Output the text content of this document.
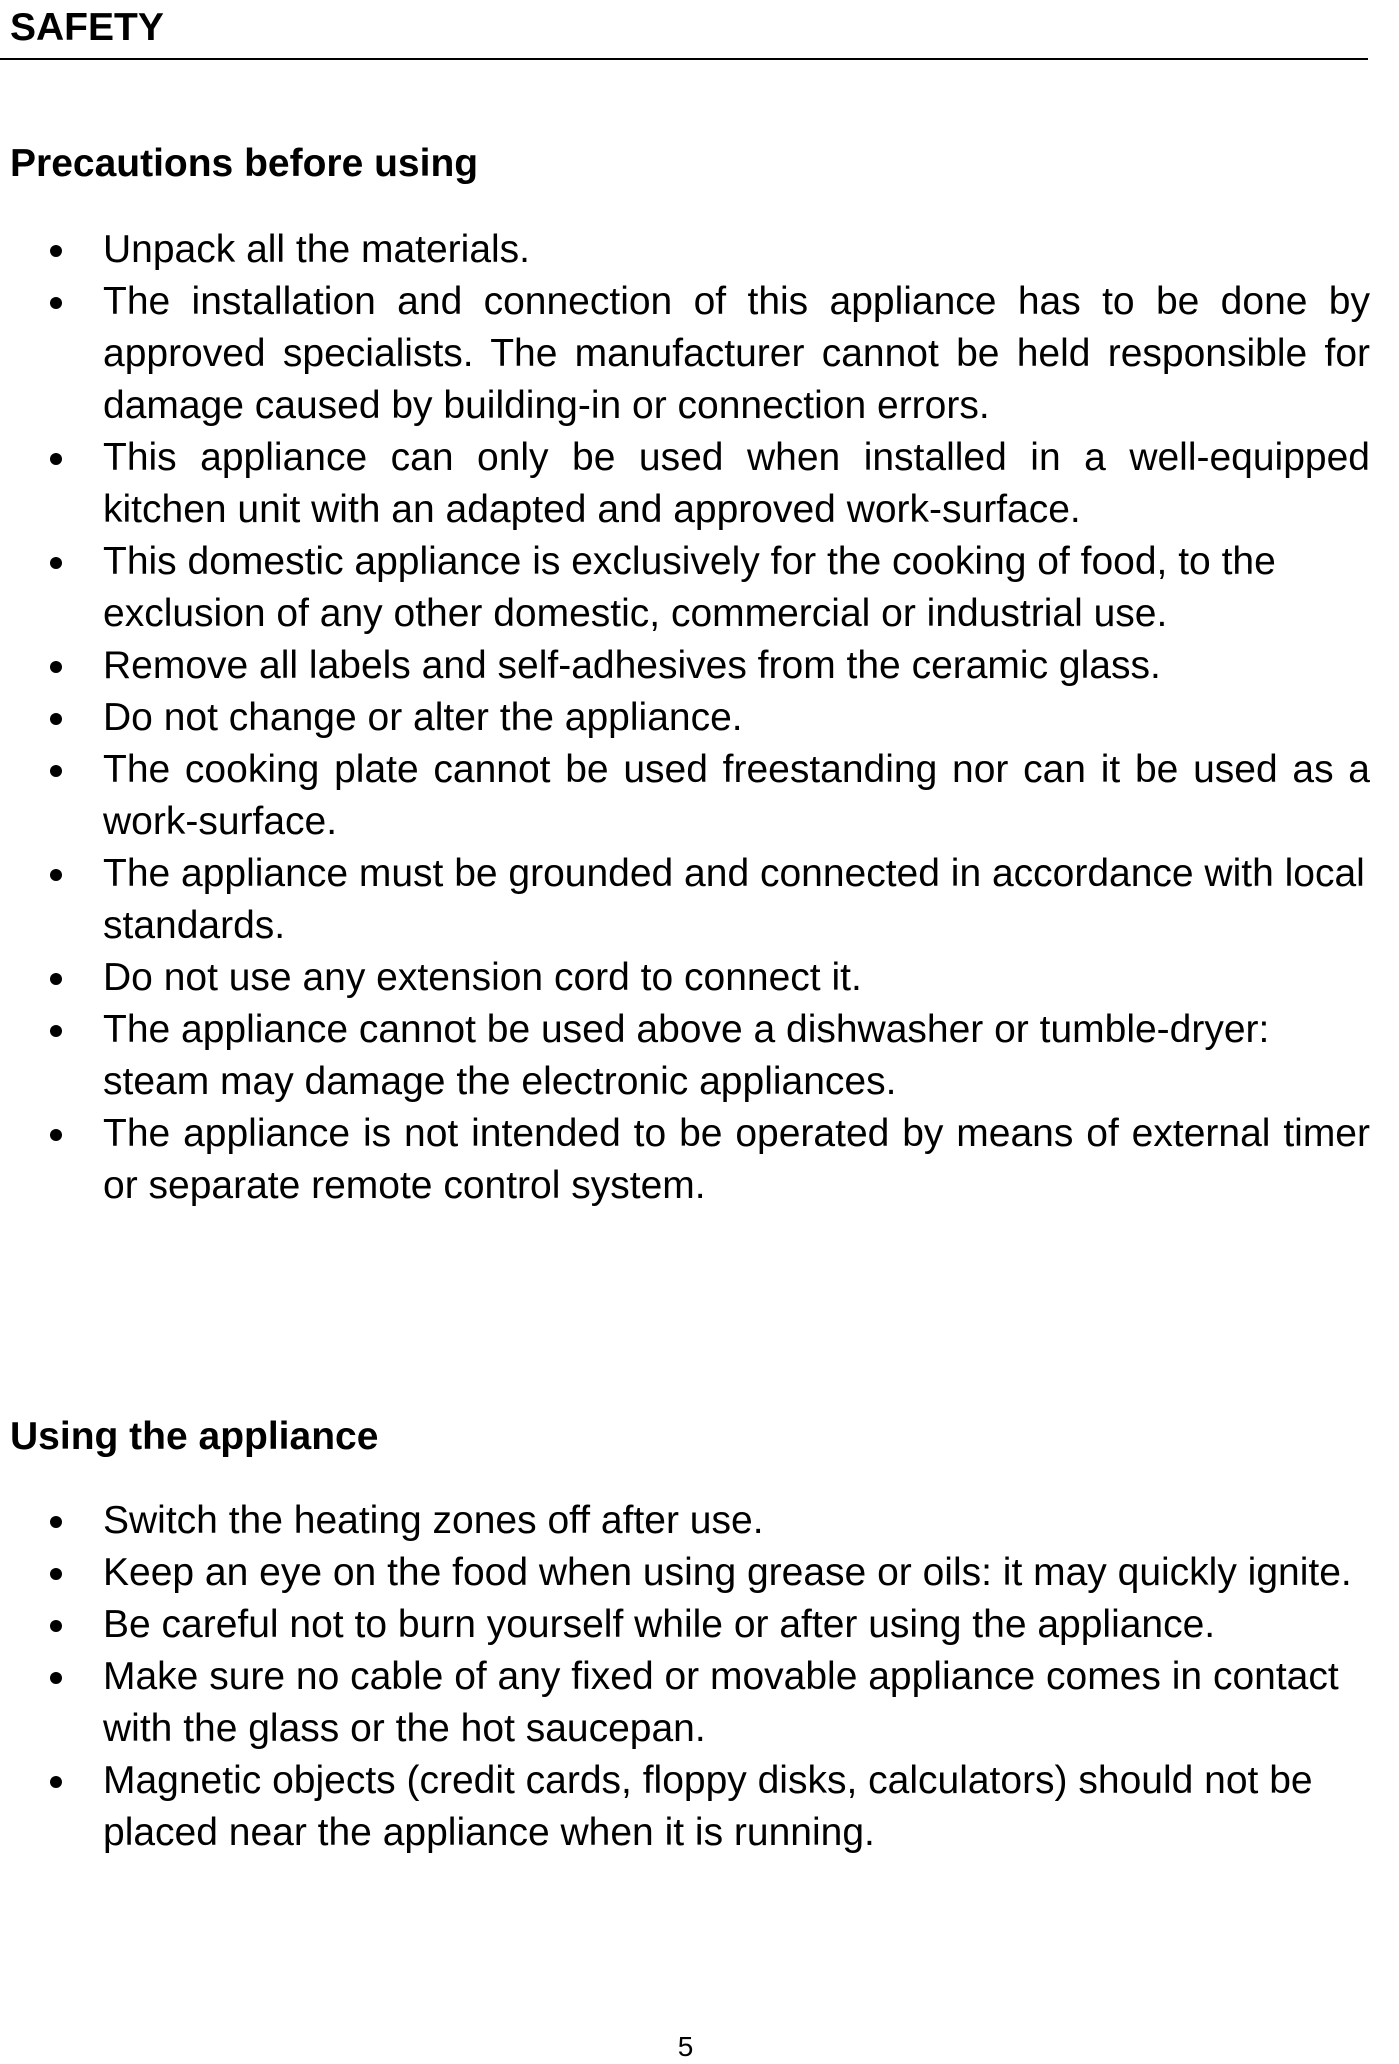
SAFETY
Precautions before using
Unpack all the materials.
The installation and connection of this appliance has to be done by approved specialists. The manufacturer cannot be held responsible for damage caused by building-in or connection errors.
This appliance can only be used when installed in a well-equipped kitchen unit with an adapted and approved work-surface.
This domestic appliance is exclusively for the cooking of food, to the exclusion of any other domestic, commercial or industrial use.
Remove all labels and self-adhesives from the ceramic glass.
Do not change or alter the appliance.
The cooking plate cannot be used freestanding nor can it be used as a work-surface.
The appliance must be grounded and connected in accordance with local standards.
Do not use any extension cord to connect it.
The appliance cannot be used above a dishwasher or tumble-dryer: steam may damage the electronic appliances.
The appliance is not intended to be operated by means of external timer or separate remote control system.
Using the appliance
Switch the heating zones off after use.
Keep an eye on the food when using grease or oils: it may quickly ignite.
Be careful not to burn yourself while or after using the appliance.
Make sure no cable of any fixed or movable appliance comes in contact with the glass or the hot saucepan.
Magnetic objects (credit cards, floppy disks, calculators) should not be placed near the appliance when it is running.

5
